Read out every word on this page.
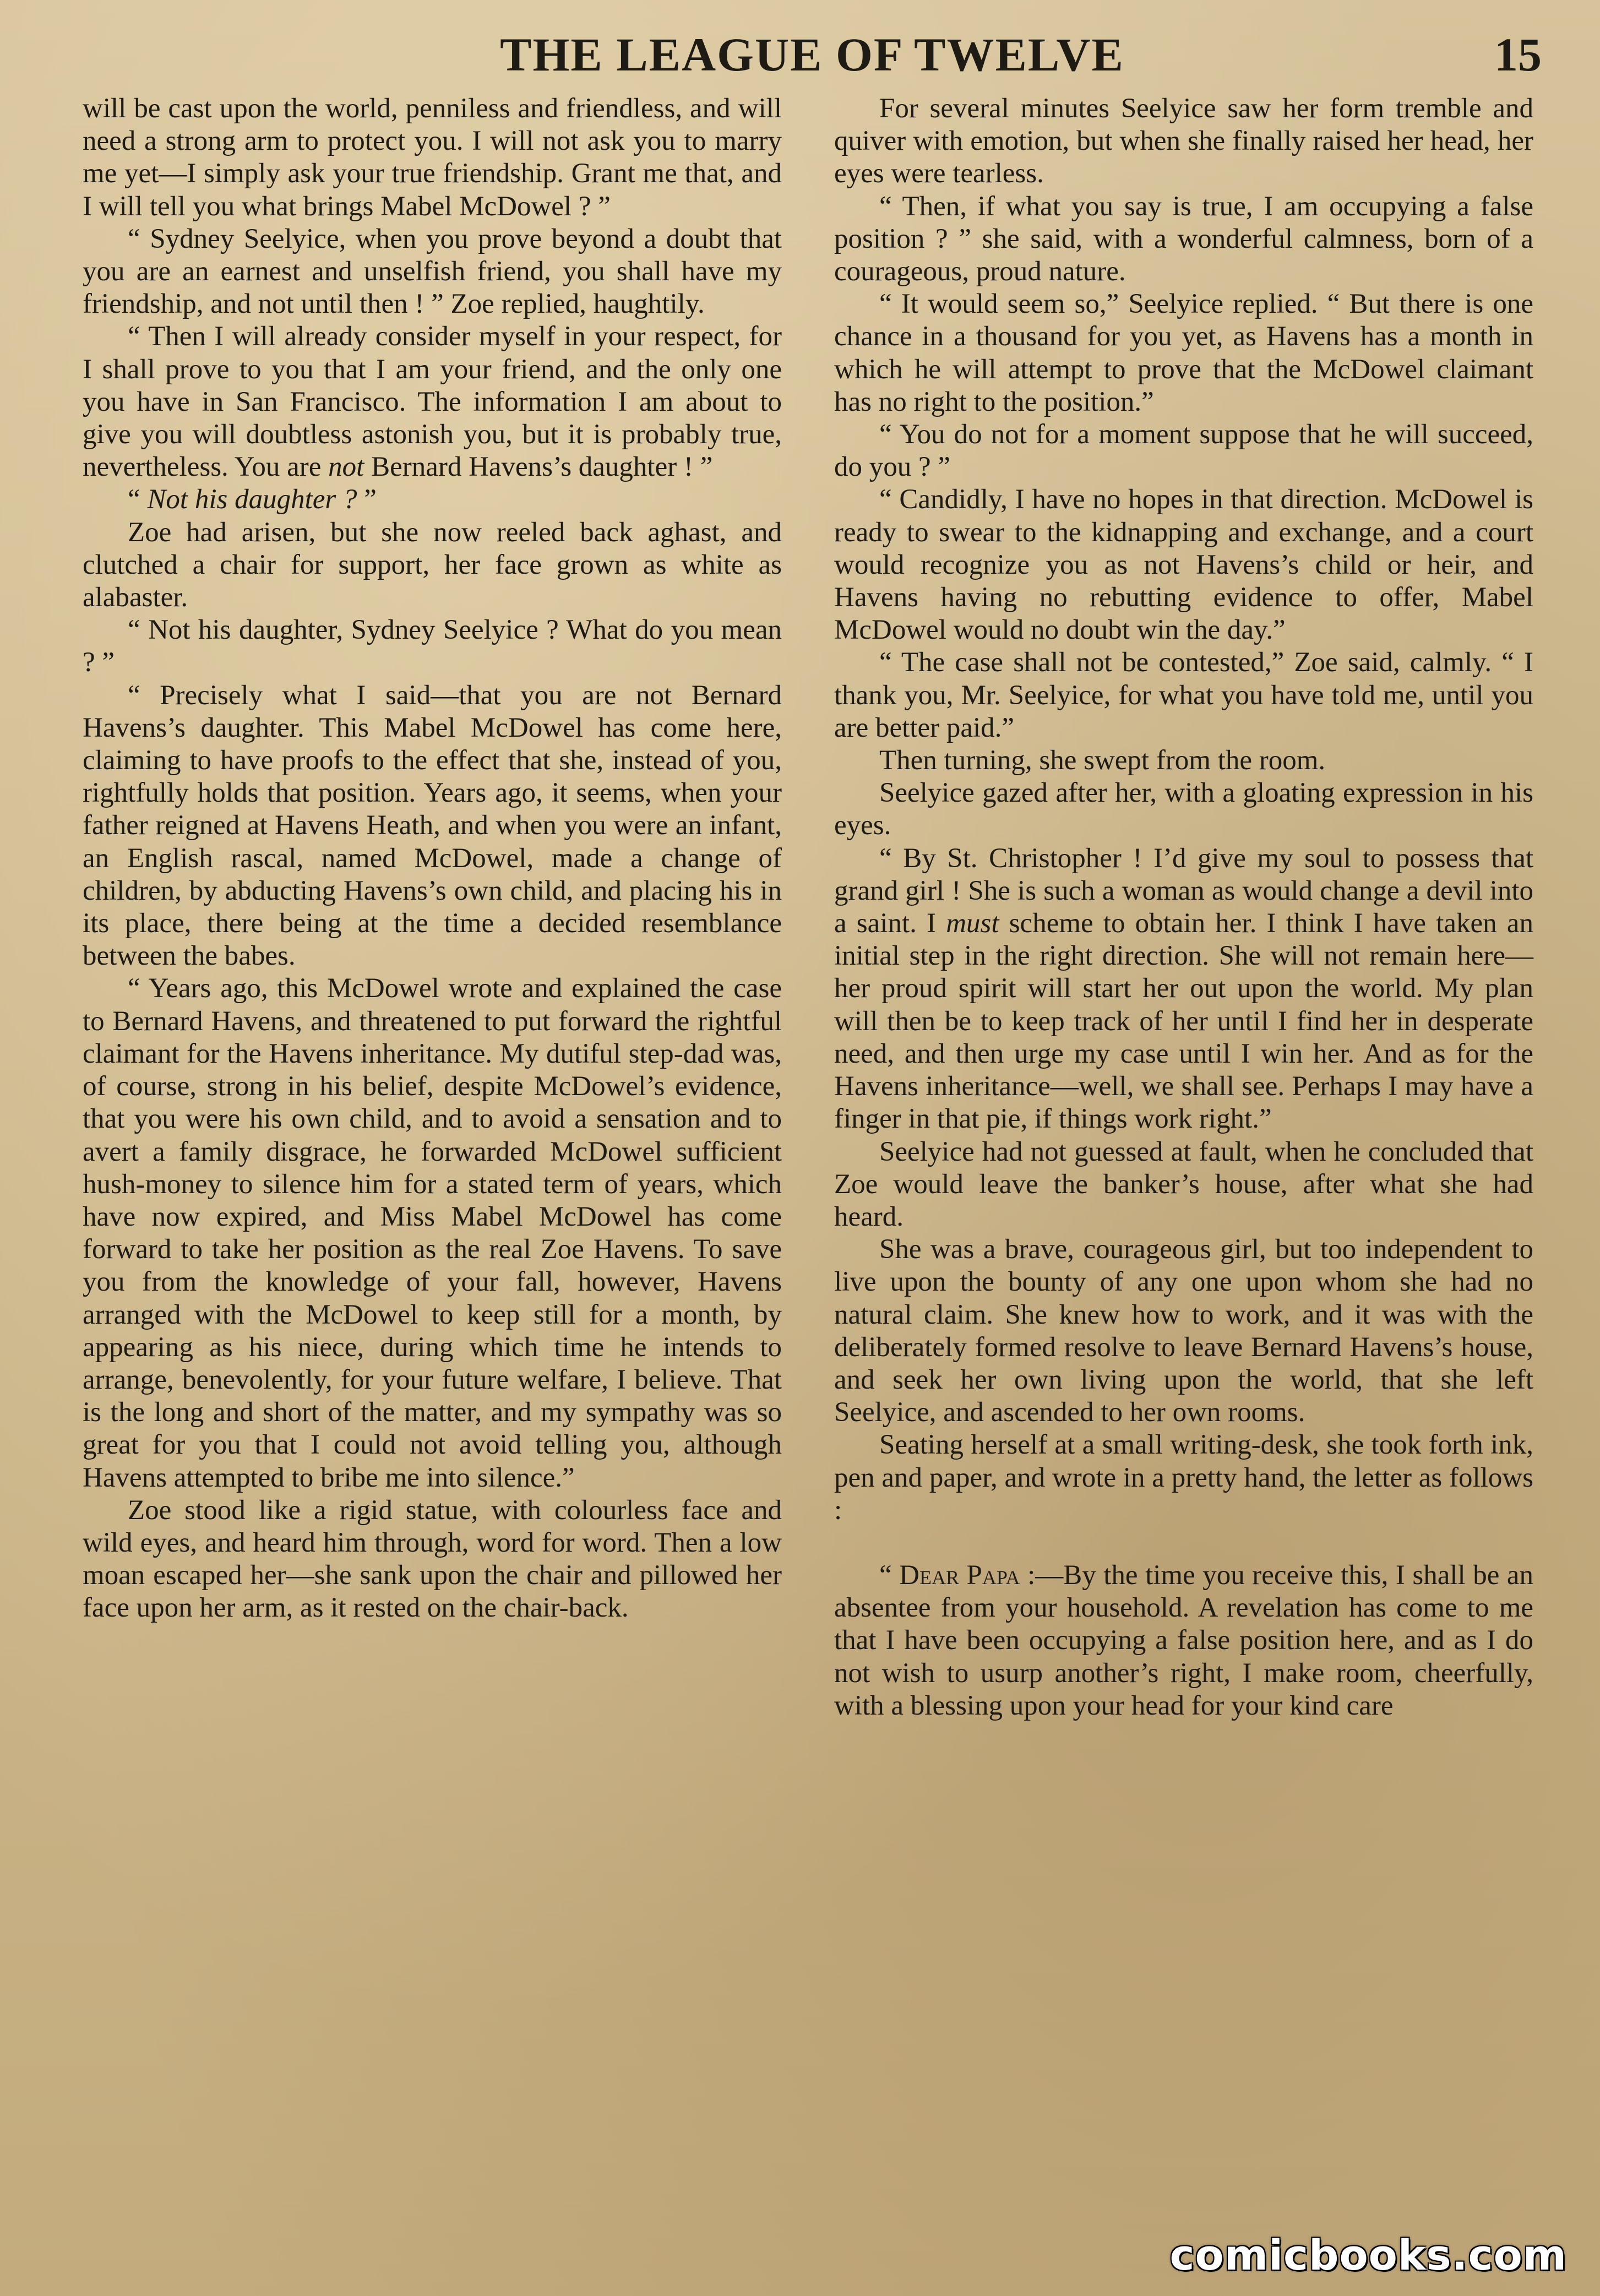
THE LEAGUE OF TWELVE	15

will be cast upon the world, penniless and friendless, and will need a strong arm to protect you. I will not ask you to marry me yet—I simply ask your true friendship. Grant me that, and I will tell you what brings Mabel McDowel ? ”

“ Sydney Seelyice, when you prove beyond a doubt that you are an earnest and unselfish friend, you shall have my friendship, and not until then ! ” Zoe replied, haughtily.

“ Then I will already consider myself in your respect, for I shall prove to you that I am your friend, and the only one you have in San Francisco. The information I am about to give you will doubtless astonish you, but it is probably true, nevertheless. You are not Bernard Havens’s daughter ! ”

“ Not his daughter ? ”

Zoe had arisen, but she now reeled back aghast, and clutched a chair for support, her face grown as white as alabaster.

“ Not his daughter, Sydney Seelyice ? What do you mean ? ”

“ Precisely what I said—that you are not Bernard Havens’s daughter. This Mabel McDowel has come here, claiming to have proofs to the effect that she, instead of you, rightfully holds that position. Years ago, it seems, when your father reigned at Havens Heath, and when you were an infant, an English rascal, named McDowel, made a change of children, by abducting Havens’s own child, and placing his in its place, there being at the time a decided resemblance between the babes.

“ Years ago, this McDowel wrote and explained the case to Bernard Havens, and threatened to put forward the rightful claimant for the Havens inheritance. My dutiful step-dad was, of course, strong in his belief, despite McDowel’s evidence, that you were his own child, and to avoid a sensation and to avert a family disgrace, he forwarded McDowel sufficient hush-money to silence him for a stated term of years, which have now expired, and Miss Mabel McDowel has come forward to take her position as the real Zoe Havens. To save you from the knowledge of your fall, however, Havens arranged with the McDowel to keep still for a month, by appearing as his niece, during which time he intends to arrange, benevolently, for your future welfare, I believe. That is the long and short of the matter, and my sympathy was so great for you that I could not avoid telling you, although Havens attempted to bribe me into silence.”

Zoe stood like a rigid statue, with colourless face and wild eyes, and heard him through, word for word. Then a low moan escaped her—she sank upon the chair and pillowed her face upon her arm, as it rested on the chair-back.

For several minutes Seelyice saw her form tremble and quiver with emotion, but when she finally raised her head, her eyes were tearless.

“ Then, if what you say is true, I am occupying a false position ? ” she said, with a wonderful calmness, born of a courageous, proud nature.

“ It would seem so,” Seelyice replied. “ But there is one chance in a thousand for you yet, as Havens has a month in which he will attempt to prove that the McDowel claimant has no right to the position.”

“ You do not for a moment suppose that he will succeed, do you ? ”

“ Candidly, I have no hopes in that direction. McDowel is ready to swear to the kidnapping and exchange, and a court would recognize you as not Havens’s child or heir, and Havens having no rebutting evidence to offer, Mabel McDowel would no doubt win the day.”

“ The case shall not be contested,” Zoe said, calmly. “ I thank you, Mr. Seelyice, for what you have told me, until you are better paid.”

Then turning, she swept from the room.

Seelyice gazed after her, with a gloating expression in his eyes.

“ By St. Christopher ! I’d give my soul to possess that grand girl ! She is such a woman as would change a devil into a saint. I must scheme to obtain her. I think I have taken an initial step in the right direction. She will not remain here—her proud spirit will start her out upon the world. My plan will then be to keep track of her until I find her in desperate need, and then urge my case until I win her. And as for the Havens inheritance—well, we shall see. Perhaps I may have a finger in that pie, if things work right.”

Seelyice had not guessed at fault, when he concluded that Zoe would leave the banker’s house, after what she had heard.

She was a brave, courageous girl, but too independent to live upon the bounty of any one upon whom she had no natural claim. She knew how to work, and it was with the deliberately formed resolve to leave Bernard Havens’s house, and seek her own living upon the world, that she left Seelyice, and ascended to her own rooms.

Seating herself at a small writing-desk, she took forth ink, pen and paper, and wrote in a pretty hand, the letter as follows :

“ Dear Papa :—By the time you receive this, I shall be an absentee from your household. A revelation has come to me that I have been occupying a false position here, and as I do not wish to usurp another’s right, I make room, cheerfully, with a blessing upon your head for your kind care

comicbooks.com
